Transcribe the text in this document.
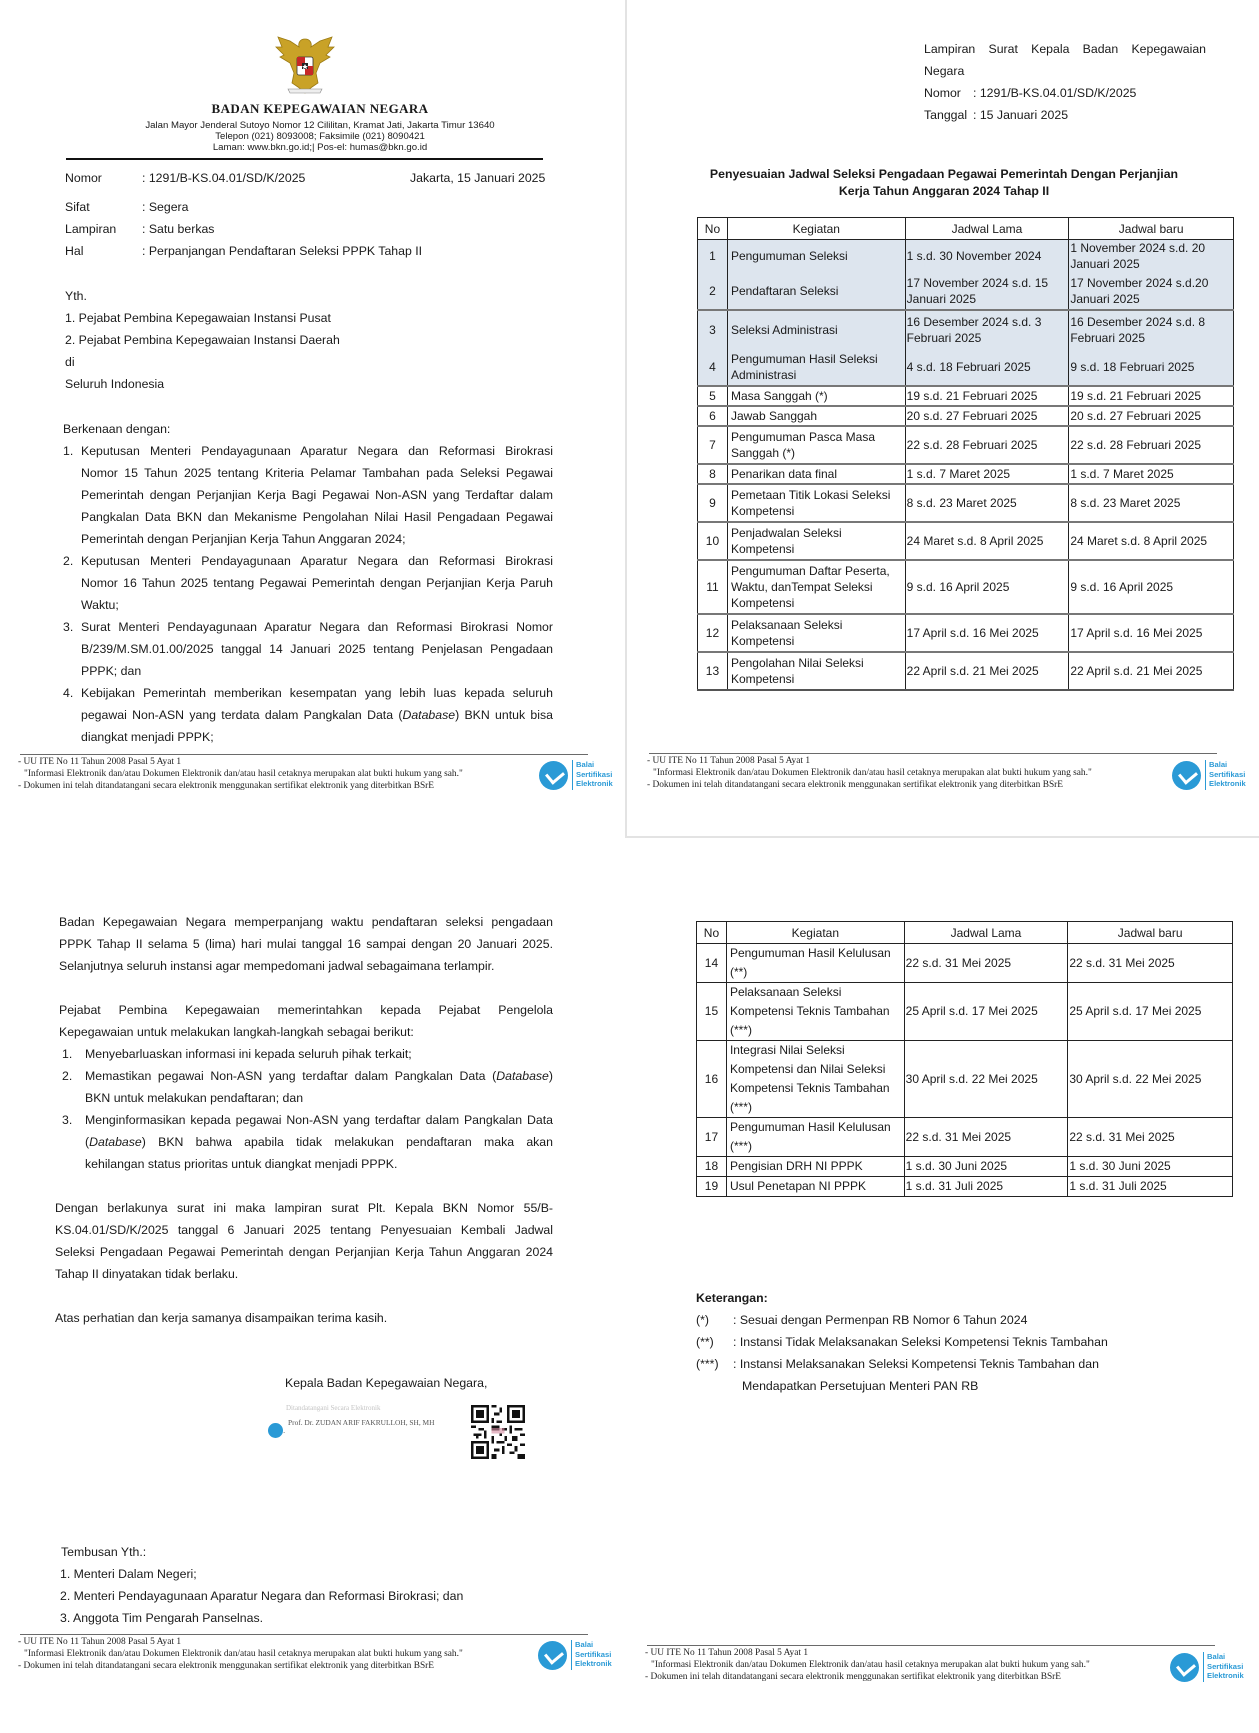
BADAN KEPEGAWAIAN NEGARA
Jalan Mayor Jenderal Sutoyo Nomor 12 Cililitan, Kramat Jati, Jakarta Timur 13640
Telepon (021) 8093008; Faksimile (021) 8090421
Laman: www.bkn.go.id;| Pos-el: humas@bkn.go.id
Nomor	: 1291/B-KS.04.01/SD/K/2025	Jakarta, 15 Januari 2025
Sifat	: Segera
Lampiran : Satu berkas
Hal	: Perpanjangan Pendaftaran Seleksi PPPK Tahap II
Yth.
1. Pejabat Pembina Kepegawaian Instansi Pusat
2. Pejabat Pembina Kepegawaian Instansi Daerah
di
Seluruh Indonesia
Berkenaan dengan:
1. Keputusan Menteri Pendayagunaan Aparatur Negara dan Reformasi Birokrasi
Nomor 15 Tahun 2025 tentang Kriteria Pelamar Tambahan pada Seleksi Pegawai
Pemerintah dengan Perjanjian Kerja Bagi Pegawai Non-ASN yang Terdaftar dalam
Pangkalan Data BKN dan Mekanisme Pengolahan Nilai Hasil Pengadaan Pegawai
Pemerintah dengan Perjanjian Kerja Tahun Anggaran 2024;
2. Keputusan Menteri Pendayagunaan Aparatur Negara dan Reformasi Birokrasi
Nomor 16 Tahun 2025 tentang Pegawai Pemerintah dengan Perjanjian Kerja Paruh
Waktu;
3. Surat Menteri Pendayagunaan Aparatur Negara dan Reformasi Birokrasi Nomor
B/239/M.SM.01.00/2025 tanggal 14 Januari 2025 tentang Penjelasan Pengadaan
PPPK; dan
4. Kebijakan Pemerintah memberikan kesempatan yang lebih luas kepada seluruh
pegawai Non-ASN yang terdata dalam Pangkalan Data (Database) BKN untuk bisa
diangkat menjadi PPPK;
- UU ITE No 11 Tahun 2008 Pasal 5 Ayat 1
"Informasi Elektronik dan/atau Dokumen Elektronik dan/atau hasil cetaknya merupakan alat bukti hukum yang sah."
- Dokumen ini telah ditandatangani secara elektronik menggunakan sertifikat elektronik yang diterbitkan BSrE
Balai
Sertifikasi
Elektronik
Lampiran Surat Kepala Badan Kepegawaian
Negara
Nomor : 1291/B-KS.04.01/SD/K/2025
Tanggal : 15 Januari 2025
Penyesuaian Jadwal Seleksi Pengadaan Pegawai Pemerintah Dengan Perjanjian
Kerja Tahun Anggaran 2024 Tahap II
No	Kegiatan	Jadwal Lama	Jadwal baru
1	Pengumuman Seleksi	1 s.d. 30 November 2024	1 November 2024 s.d. 20 Januari 2025
2	Pendaftaran Seleksi	17 November 2024 s.d. 15 Januari 2025	17 November 2024 s.d.20 Januari 2025
3	Seleksi Administrasi	16 Desember 2024 s.d. 3 Februari 2025	16 Desember 2024 s.d. 8 Februari 2025
4	Pengumuman Hasil Seleksi Administrasi	4 s.d. 18 Februari 2025	9 s.d. 18 Februari 2025
5	Masa Sanggah (*)	19 s.d. 21 Februari 2025	19 s.d. 21 Februari 2025
6	Jawab Sanggah	20 s.d. 27 Februari 2025	20 s.d. 27 Februari 2025
7	Pengumuman Pasca Masa Sanggah (*)	22 s.d. 28 Februari 2025	22 s.d. 28 Februari 2025
8	Penarikan data final	1 s.d. 7 Maret 2025	1 s.d. 7 Maret 2025
9	Pemetaan Titik Lokasi Seleksi Kompetensi	8 s.d. 23 Maret 2025	8 s.d. 23 Maret 2025
10	Penjadwalan Seleksi Kompetensi	24 Maret s.d. 8 April 2025	24 Maret s.d. 8 April 2025
11	Pengumuman Daftar Peserta, Waktu, danTempat Seleksi Kompetensi	9 s.d. 16 April 2025	9 s.d. 16 April 2025
12	Pelaksanaan Seleksi Kompetensi	17 April s.d. 16 Mei 2025	17 April s.d. 16 Mei 2025
13	Pengolahan Nilai Seleksi Kompetensi	22 April s.d. 21 Mei 2025	22 April s.d. 21 Mei 2025
- UU ITE No 11 Tahun 2008 Pasal 5 Ayat 1
"Informasi Elektronik dan/atau Dokumen Elektronik dan/atau hasil cetaknya merupakan alat bukti hukum yang sah."
- Dokumen ini telah ditandatangani secara elektronik menggunakan sertifikat elektronik yang diterbitkan BSrE
Balai
Sertifikasi
Elektronik
Badan Kepegawaian Negara memperpanjang waktu pendaftaran seleksi pengadaan
PPPK Tahap II selama 5 (lima) hari mulai tanggal 16 sampai dengan 20 Januari 2025.
Selanjutnya seluruh instansi agar mempedomani jadwal sebagaimana terlampir.
Pejabat Pembina Kepegawaian memerintahkan kepada Pejabat Pengelola
Kepegawaian untuk melakukan langkah-langkah sebagai berikut:
1. Menyebarluaskan informasi ini kepada seluruh pihak terkait;
2. Memastikan pegawai Non-ASN yang terdaftar dalam Pangkalan Data (Database)
BKN untuk melakukan pendaftaran; dan
3. Menginformasikan kepada pegawai Non-ASN yang terdaftar dalam Pangkalan Data
(Database) BKN bahwa apabila tidak melakukan pendaftaran maka akan
kehilangan status prioritas untuk diangkat menjadi PPPK.
Dengan berlakunya surat ini maka lampiran surat Plt. Kepala BKN Nomor 55/B-
KS.04.01/SD/K/2025 tanggal 6 Januari 2025 tentang Penyesuaian Kembali Jadwal
Seleksi Pengadaan Pegawai Pemerintah dengan Perjanjian Kerja Tahun Anggaran 2024
Tahap II dinyatakan tidak berlaku.
Atas perhatian dan kerja samanya disampaikan terima kasih.
Kepala Badan Kepegawaian Negara,
Ditandatangani Secara Elektronik
Prof. Dr. ZUDAN ARIF FAKRULLOH, SH, MH
.
Tembusan Yth.:
1. Menteri Dalam Negeri;
2. Menteri Pendayagunaan Aparatur Negara dan Reformasi Birokrasi; dan
3. Anggota Tim Pengarah Panselnas.
- UU ITE No 11 Tahun 2008 Pasal 5 Ayat 1
"Informasi Elektronik dan/atau Dokumen Elektronik dan/atau hasil cetaknya merupakan alat bukti hukum yang sah."
- Dokumen ini telah ditandatangani secara elektronik menggunakan sertifikat elektronik yang diterbitkan BSrE
Balai
Sertifikasi
Elektronik
No	Kegiatan	Jadwal Lama	Jadwal baru
14	Pengumuman Hasil Kelulusan (**)	22 s.d. 31 Mei 2025	22 s.d. 31 Mei 2025
15	Pelaksanaan Seleksi Kompetensi Teknis Tambahan (***)	25 April s.d. 17 Mei 2025	25 April s.d. 17 Mei 2025
16	Integrasi Nilai Seleksi Kompetensi dan Nilai Seleksi Kompetensi Teknis Tambahan (***)	30 April s.d. 22 Mei 2025	30 April s.d. 22 Mei 2025
17	Pengumuman Hasil Kelulusan (***)	22 s.d. 31 Mei 2025	22 s.d. 31 Mei 2025
18	Pengisian DRH NI PPPK	1 s.d. 30 Juni 2025	1 s.d. 30 Juni 2025
19	Usul Penetapan NI PPPK	1 s.d. 31 Juli 2025	1 s.d. 31 Juli 2025
Keterangan:
(*) : Sesuai dengan Permenpan RB Nomor 6 Tahun 2024
(**) : Instansi Tidak Melaksanakan Seleksi Kompetensi Teknis Tambahan
(***) : Instansi Melaksanakan Seleksi Kompetensi Teknis Tambahan dan
Mendapatkan Persetujuan Menteri PAN RB
- UU ITE No 11 Tahun 2008 Pasal 5 Ayat 1
"Informasi Elektronik dan/atau Dokumen Elektronik dan/atau hasil cetaknya merupakan alat bukti hukum yang sah."
- Dokumen ini telah ditandatangani secara elektronik menggunakan sertifikat elektronik yang diterbitkan BSrE
Balai
Sertifikasi
Elektronik
